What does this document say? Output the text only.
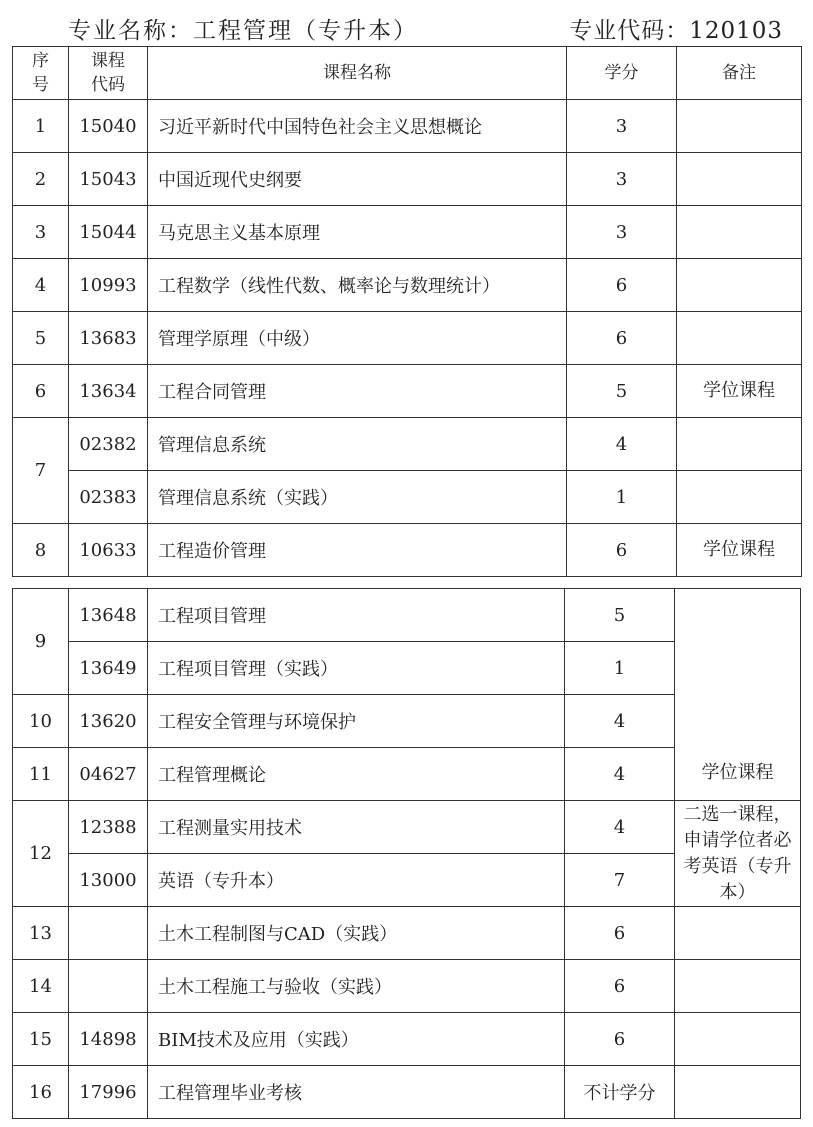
专业名称：工程管理（专升本）	专业代码：120103
序号	课程代码	课程名称	学分	备注
1	15040	习近平新时代中国特色社会主义思想概论	3	
2	15043	中国近现代史纲要	3	
3	15044	马克思主义基本原理	3	
4	10993	工程数学（线性代数、概率论与数理统计）	6	
5	13683	管理学原理（中级）	6	
6	13634	工程合同管理	5	学位课程
7	02382	管理信息系统	4	
	02383	管理信息系统（实践）	1	
8	10633	工程造价管理	6	学位课程
9	13648	工程项目管理	5	学位课程
	13649	工程项目管理（实践）	1	
10	13620	工程安全管理与环境保护	4	
11	04627	工程管理概论	4	
12	12388	工程测量实用技术	4	二选一课程，申请学位者必考英语（专升本）
	13000	英语（专升本）	7	
13		土木工程制图与CAD（实践）	6	
14		土木工程施工与验收（实践）	6	
15	14898	BIM技术及应用（实践）	6	
16	17996	工程管理毕业考核	不计学分	
